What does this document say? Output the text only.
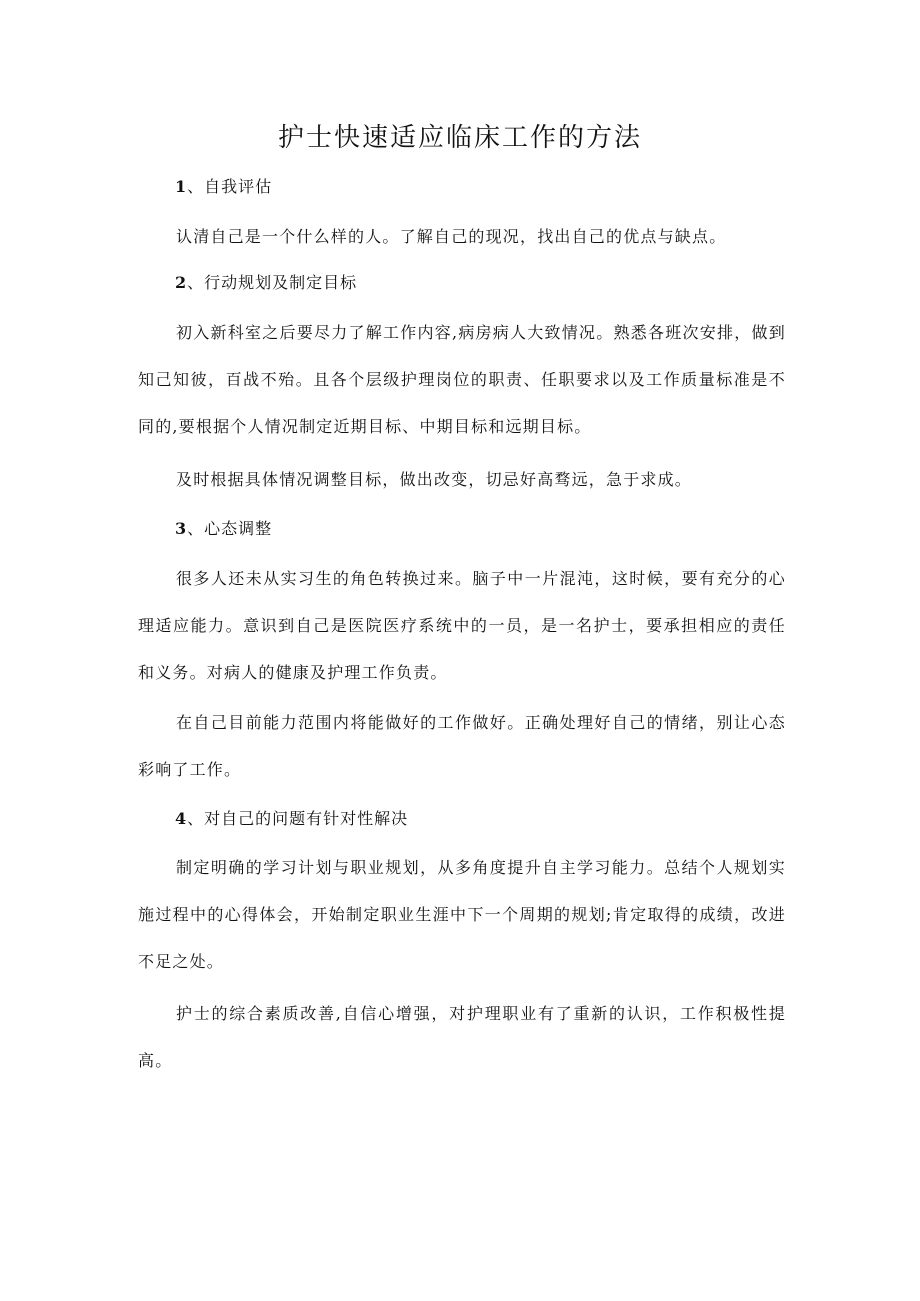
护士快速适应临床工作的方法
1、自我评估

认清自己是一个什么样的人。了解自己的现况，找出自己的优点与缺点。

2、行动规划及制定目标

初入新科室之后要尽力了解工作内容,病房病人大致情况。熟悉各班次安排，做到知己知彼，百战不殆。且各个层级护理岗位的职责、任职要求以及工作质量标准是不同的,要根据个人情况制定近期目标、中期目标和远期目标。

及时根据具体情况调整目标，做出改变，切忌好高骛远，急于求成。

3、心态调整

很多人还未从实习生的角色转换过来。脑子中一片混沌，这时候，要有充分的心理适应能力。意识到自己是医院医疗系统中的一员，是一名护士，要承担相应的责任和义务。对病人的健康及护理工作负责。

在自己目前能力范围内将能做好的工作做好。正确处理好自己的情绪，别让心态彩响了工作。

4、对自己的问题有针对性解决

制定明确的学习计划与职业规划，从多角度提升自主学习能力。总结个人规划实施过程中的心得体会，开始制定职业生涯中下一个周期的规划;肯定取得的成绩，改进不足之处。

护士的综合素质改善,自信心增强，对护理职业有了重新的认识，工作积极性提高。
